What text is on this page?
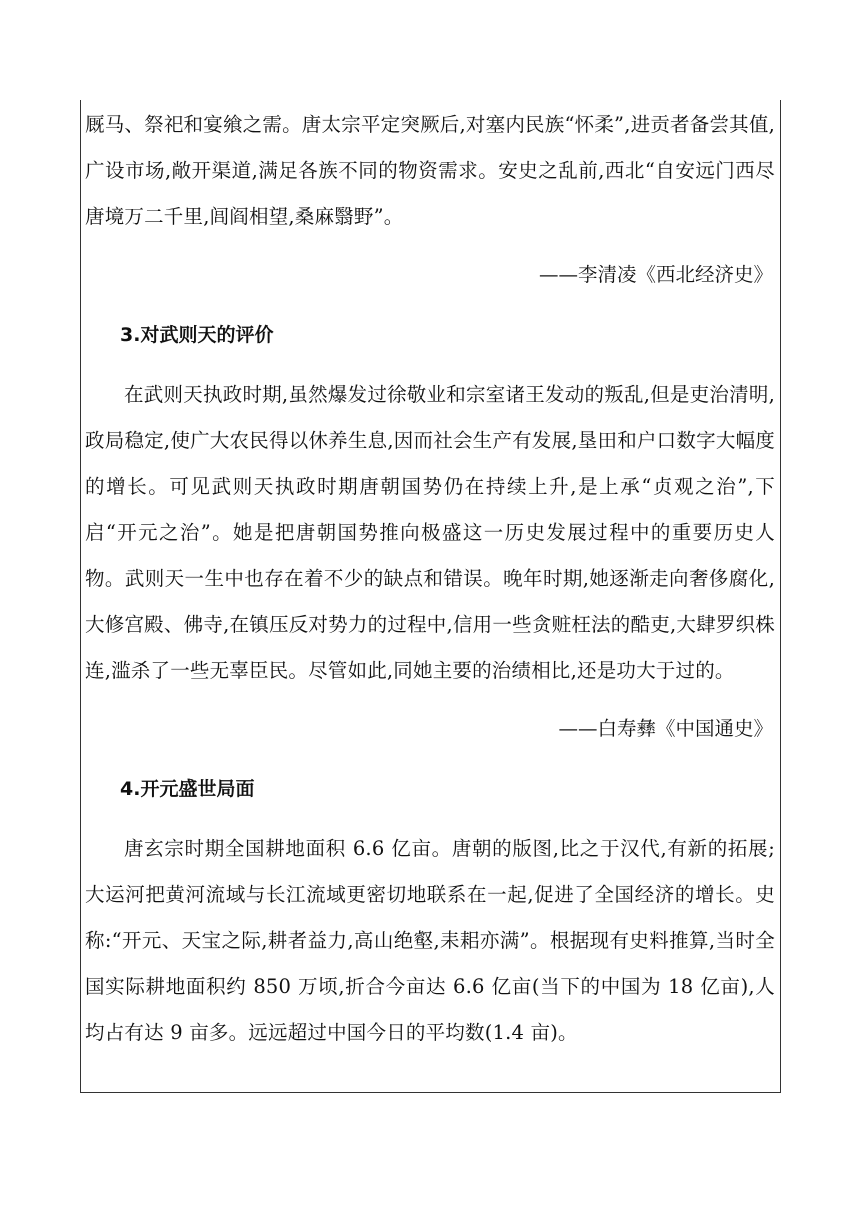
厩马、祭祀和宴飨之需。唐太宗平定突厥后,对塞内民族“怀柔”,进贡者备尝其值,广设市场,敞开渠道,满足各族不同的物资需求。安史之乱前,西北“自安远门西尽唐境万二千里,闾阎相望,桑麻翳野”。

——李清凌《西北经济史》
3.对武则天的评价

在武则天执政时期,虽然爆发过徐敬业和宗室诸王发动的叛乱,但是吏治清明,政局稳定,使广大农民得以休养生息,因而社会生产有发展,垦田和户口数字大幅度的增长。可见武则天执政时期唐朝国势仍在持续上升,是上承“贞观之治”,下启“开元之治”。她是把唐朝国势推向极盛这一历史发展过程中的重要历史人物。武则天一生中也存在着不少的缺点和错误。晚年时期,她逐渐走向奢侈腐化,大修宫殿、佛寺,在镇压反对势力的过程中,信用一些贪赃枉法的酷吏,大肆罗织株连,滥杀了一些无辜臣民。尽管如此,同她主要的治绩相比,还是功大于过的。

——白寿彝《中国通史》
4.开元盛世局面

唐玄宗时期全国耕地面积 6.6 亿亩。唐朝的版图,比之于汉代,有新的拓展;大运河把黄河流域与长江流域更密切地联系在一起,促进了全国经济的增长。史称:“开元、天宝之际,耕者益力,高山绝壑,耒耜亦满”。根据现有史料推算,当时全国实际耕地面积约 850 万顷,折合今亩达 6.6 亿亩(当下的中国为 18 亿亩),人均占有达 9 亩多。远远超过中国今日的平均数(1.4 亩)。
